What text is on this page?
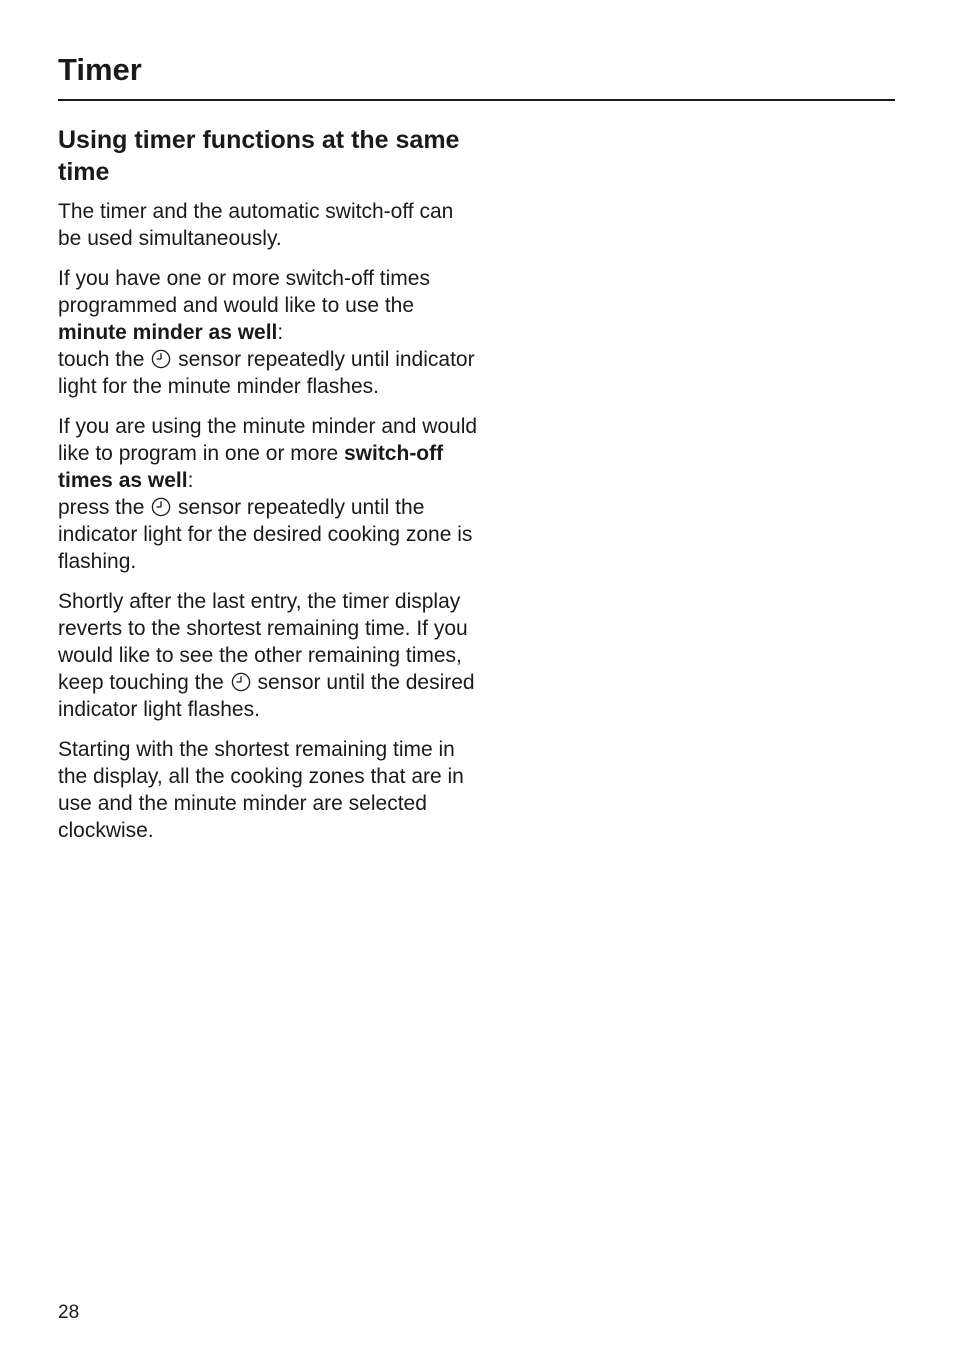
Timer
Using timer functions at the same time

The timer and the automatic switch-off can be used simultaneously.

If you have one or more switch-off times programmed and would like to use the minute minder as well:
touch the  sensor repeatedly until indicator light for the minute minder flashes.

If you are using the minute minder and would like to program in one or more switch-off times as well:
press the  sensor repeatedly until the indicator light for the desired cooking zone is flashing.

Shortly after the last entry, the timer display reverts to the shortest remaining time. If you would like to see the other remaining times, keep touching the  sensor until the desired indicator light flashes.

Starting with the shortest remaining time in the display, all the cooking zones that are in use and the minute minder are selected clockwise.

28
